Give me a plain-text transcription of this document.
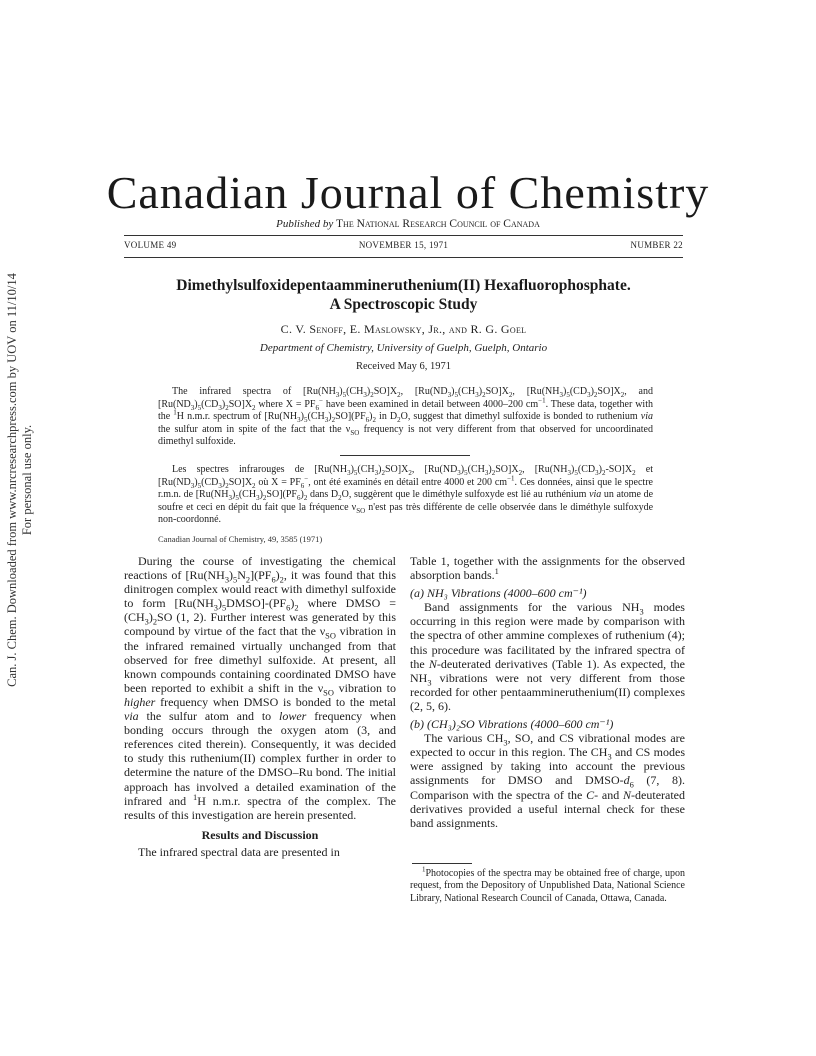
Can. J. Chem. Downloaded from www.nrcresearchpress.com by UOV on 11/10/14 For personal use only.
Canadian Journal of Chemistry
Published by The National Research Council of Canada
VOLUME 49	NOVEMBER 15, 1971	NUMBER 22
Dimethylsulfoxidepentaammineruthenium(II) Hexafluorophosphate.
A Spectroscopic Study
C. V. Senoff, E. Maslowsky, Jr., and R. G. Goel
Department of Chemistry, University of Guelph, Guelph, Ontario
Received May 6, 1971

The infrared spectra of $[Ru(NH_3)_5(CH_3)_2SO]X_2$, $[Ru(ND_3)_5(CH_3)_2SO]X_2$, $[Ru(NH_3)_5(CD_3)_2SO]X_2$, and $[Ru(ND_3)_5(CD_3)_2SO]X_2$ where $X = PF_6^-$ have been examined in detail between 4000–200 $cm^{-1}$. These data, together with the $^1$H n.m.r. spectrum of $[Ru(NH_3)_5(CH_3)_2SO](PF_6)_2$ in $D_2O$, suggest that dimethyl sulfoxide is bonded to ruthenium via the sulfur atom in spite of the fact that the $\nu_{SO}$ frequency is not very different from that observed for uncoordinated dimethyl sulfoxide.

Les spectres infrarouges de $[Ru(NH_3)_5(CH_3)_2SO]X_2$, $[Ru(ND_3)_5(CH_3)_2SO]X_2$, $[Ru(NH_3)_5(CD_3)_2-SO]X_2$ et $[Ru(ND_3)_5(CD_3)_2SO]X_2$ où $X = PF_6^-$, ont été examinés en détail entre 4000 et 200 $cm^{-1}$. Ces données, ainsi que le spectre r.m.n. de $[Ru(NH_3)_5(CH_3)_2SO](PF_6)_2$ dans $D_2O$, suggèrent que le diméthyle sulfoxyde est lié au ruthénium via un atome de soufre et ceci en dépit du fait que la fréquence $\nu_{SO}$ n'est pas très différente de celle observée dans le diméthyle sulfoxyde non-coordonné.

Canadian Journal of Chemistry, 49, 3585 (1971)

During the course of investigating the chemical reactions of $[Ru(NH_3)_5N_2](PF_6)_2$, it was found that this dinitrogen complex would react with dimethyl sulfoxide to form $[Ru(NH_3)_5DMSO]-(PF_6)_2$ where DMSO = $(CH_3)_2SO$ (1, 2). Further interest was generated by this compound by virtue of the fact that the $\nu_{SO}$ vibration in the infrared remained virtually unchanged from that observed for free dimethyl sulfoxide. At present, all known compounds containing coordinated DMSO have been reported to exhibit a shift in the $\nu_{SO}$ vibration to higher frequency when DMSO is bonded to the metal via the sulfur atom and to lower frequency when bonding occurs through the oxygen atom (3, and references cited therein). Consequently, it was decided to study this ruthenium(II) complex further in order to determine the nature of the DMSO–Ru bond. The initial approach has involved a detailed examination of the infrared and $^1$H n.m.r. spectra of the complex. The results of this investigation are herein presented.

Results and Discussion

The infrared spectral data are presented in

Table 1, together with the assignments for the observed absorption bands.$^1$

(a) NH₃ Vibrations (4000–600 cm⁻¹)

Band assignments for the various $NH_3$ modes occurring in this region were made by comparison with the spectra of other ammine complexes of ruthenium (4); this procedure was facilitated by the infrared spectra of the N-deuterated derivatives (Table 1). As expected, the $NH_3$ vibrations were not very different from those recorded for other pentaammineruthenium(II) complexes (2, 5, 6).

(b) (CH₃)₂SO Vibrations (4000–600 cm⁻¹)

The various $CH_3$, SO, and CS vibrational modes are expected to occur in this region. The $CH_3$ and CS modes were assigned by taking into account the previous assignments for DMSO and DMSO-$d_6$ (7, 8). Comparison with the spectra of the C- and N-deuterated derivatives provided a useful internal check for these band assignments.

$^1$Photocopies of the spectra may be obtained free of charge, upon request, from the Depository of Unpublished Data, National Science Library, National Research Council of Canada, Ottawa, Canada.
